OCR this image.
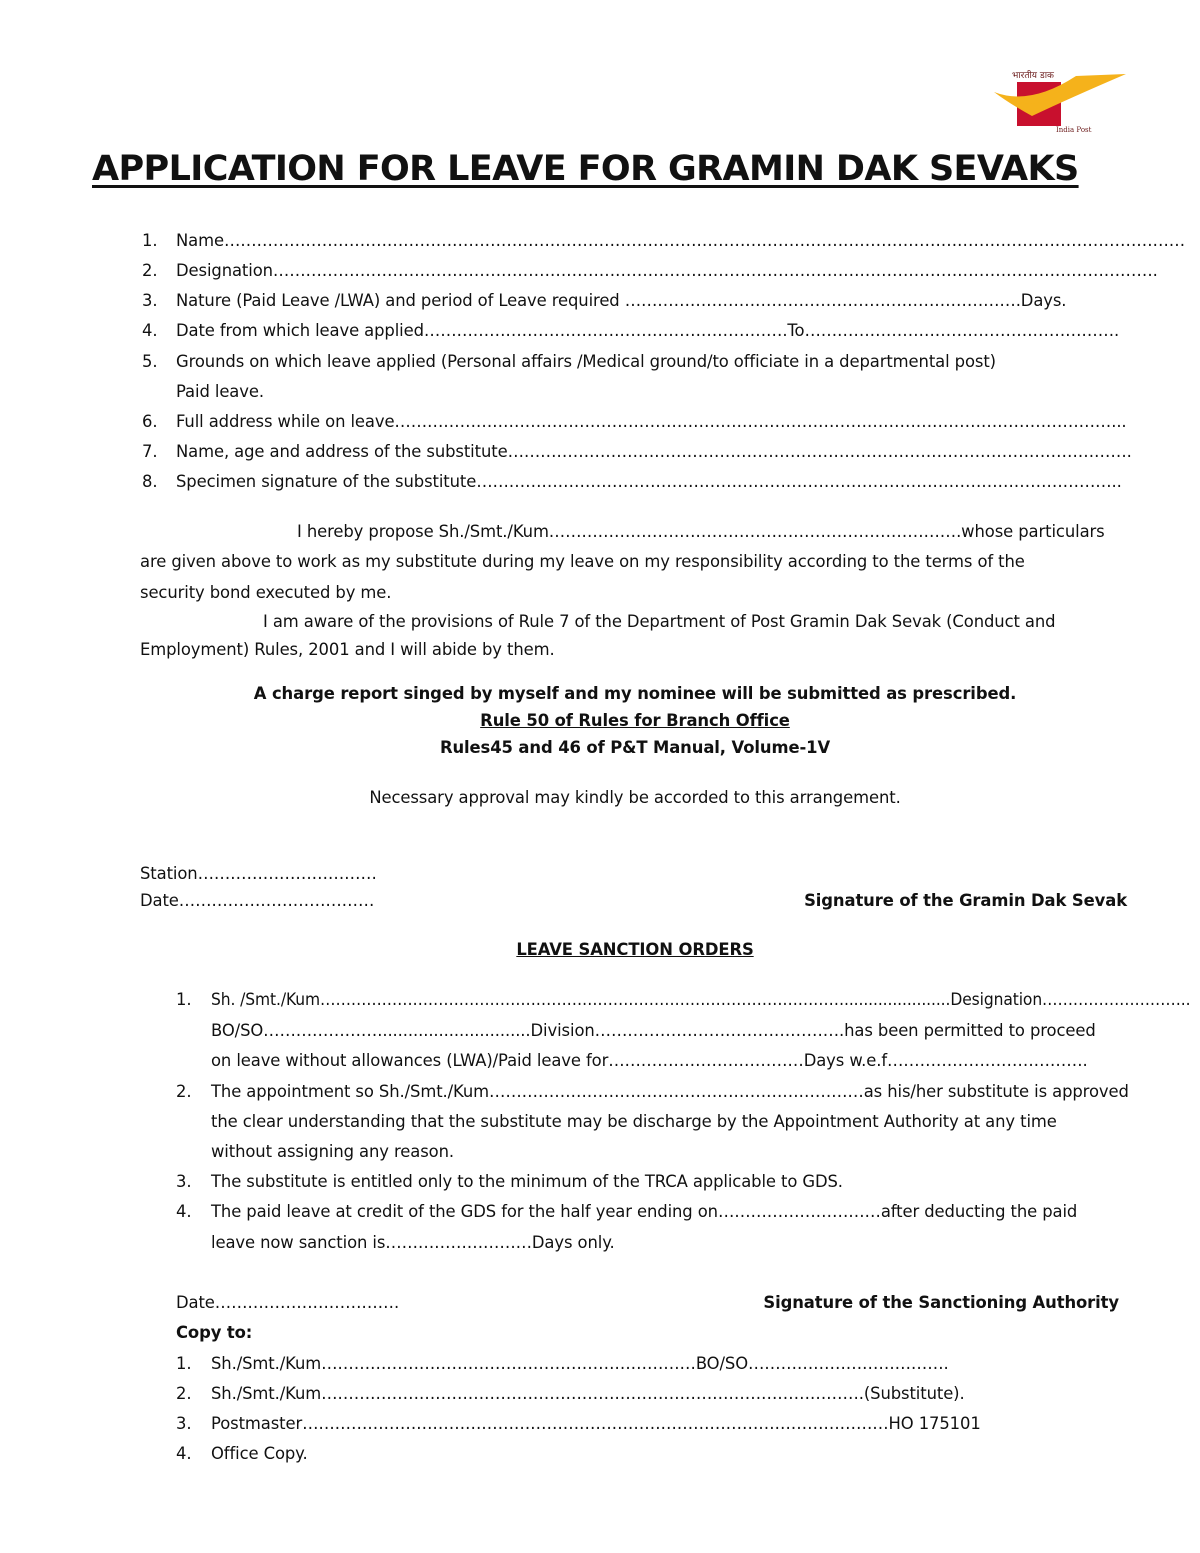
भारतीय डाक
India Post
APPLICATION FOR LEAVE FOR GRAMIN DAK SEVAKS
1. Name……………………………………………………………………………………………………………………………………………………………
2. Designation……………………………………………………………………………………………………………………………………………….
3. Nature (Paid Leave /LWA) and period of Leave required ……………………………………………………………….Days.
4. Date from which leave applied………………………………………………………….To………………………………………………….
5. Grounds on which leave applied (Personal affairs /Medical ground/to officiate in a departmental post)
Paid leave.
6. Full address while on leave……………………………………………………………………………………………………………………...
7. Name, age and address of the substitute…………………………………………………………………………………………………….
8. Specimen signature of the substitute………………………………………………………………………………………………………..
I hereby propose Sh./Smt./Kum………………………………………………………………….whose particulars
are given above to work as my substitute during my leave on my responsibility according to the terms of the
security bond executed by me.
I am aware of the provisions of Rule 7 of the Department of Post Gramin Dak Sevak (Conduct and
Employment) Rules, 2001 and I will abide by them.
A charge report singed by myself and my nominee will be submitted as prescribed.
Rule 50 of Rules for Branch Office
Rules45 and 46 of P&T Manual, Volume-1V
Necessary approval may kindly be accorded to this arrangement.
Station……………………………
Date………………………………	Signature of the Gramin Dak Sevak
LEAVE SANCTION ORDERS
1. Sh. /Smt./Kum…………………………………………………………………………………………......................Designation………………………..
BO/SO…………………..............................Division……………………………………….has been permitted to proceed
on leave without allowances (LWA)/Paid leave for………………………………Days w.e.f……………………………….
2. The appointment so Sh./Smt./Kum……………………………………………………………as his/her substitute is approved
the clear understanding that the substitute may be discharge by the Appointment Authority at any time
without assigning any reason.
3. The substitute is entitled only to the minimum of the TRCA applicable to GDS.
4. The paid leave at credit of the GDS for the half year ending on…………………………after deducting the paid
leave now sanction is………………………Days only.
Date…………………………….	Signature of the Sanctioning Authority
Copy to:
1. Sh./Smt./Kum……………………………………………………………BO/SO……………………………….
2. Sh./Smt./Kum……………………………………………………………………………………….(Substitute).
3. Postmaster………………………………………………………………………………………………HO 175101
4. Office Copy.
